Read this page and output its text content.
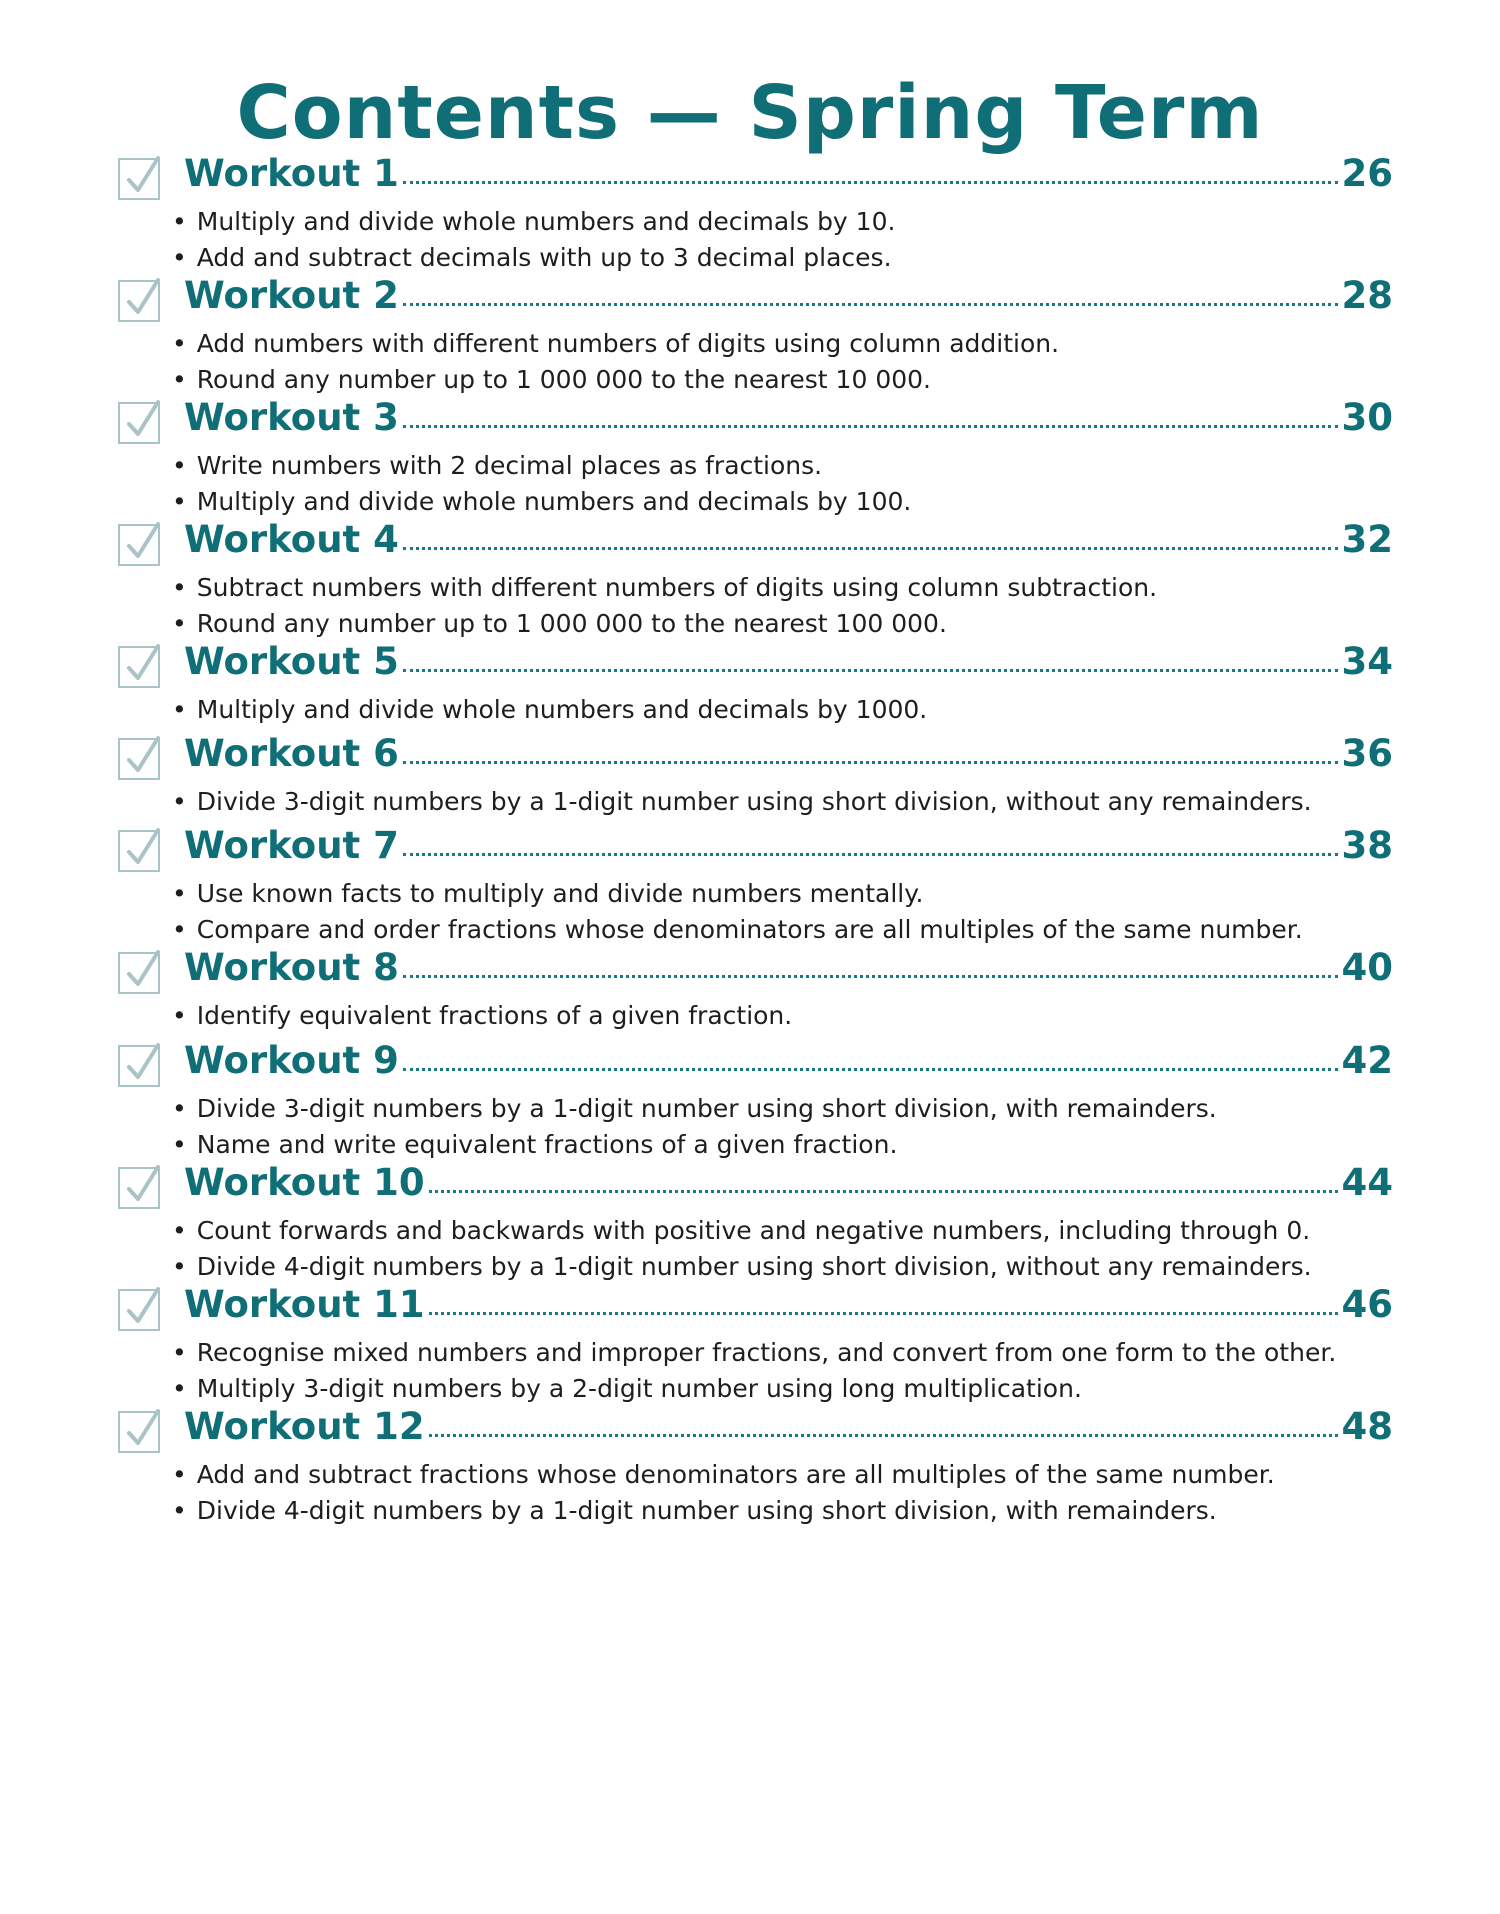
Contents — Spring Term
Workout 1	26
• Multiply and divide whole numbers and decimals by 10.
• Add and subtract decimals with up to 3 decimal places.
Workout 2	28
• Add numbers with different numbers of digits using column addition.
• Round any number up to 1 000 000 to the nearest 10 000.
Workout 3	30
• Write numbers with 2 decimal places as fractions.
• Multiply and divide whole numbers and decimals by 100.
Workout 4	32
• Subtract numbers with different numbers of digits using column subtraction.
• Round any number up to 1 000 000 to the nearest 100 000.
Workout 5	34
• Multiply and divide whole numbers and decimals by 1000.
Workout 6	36
• Divide 3-digit numbers by a 1-digit number using short division, without any remainders.
Workout 7	38
• Use known facts to multiply and divide numbers mentally.
• Compare and order fractions whose denominators are all multiples of the same number.
Workout 8	40
• Identify equivalent fractions of a given fraction.
Workout 9	42
• Divide 3-digit numbers by a 1-digit number using short division, with remainders.
• Name and write equivalent fractions of a given fraction.
Workout 10	44
• Count forwards and backwards with positive and negative numbers, including through 0.
• Divide 4-digit numbers by a 1-digit number using short division, without any remainders.
Workout 11	46
• Recognise mixed numbers and improper fractions, and convert from one form to the other.
• Multiply 3-digit numbers by a 2-digit number using long multiplication.
Workout 12	48
• Add and subtract fractions whose denominators are all multiples of the same number.
• Divide 4-digit numbers by a 1-digit number using short division, with remainders.
